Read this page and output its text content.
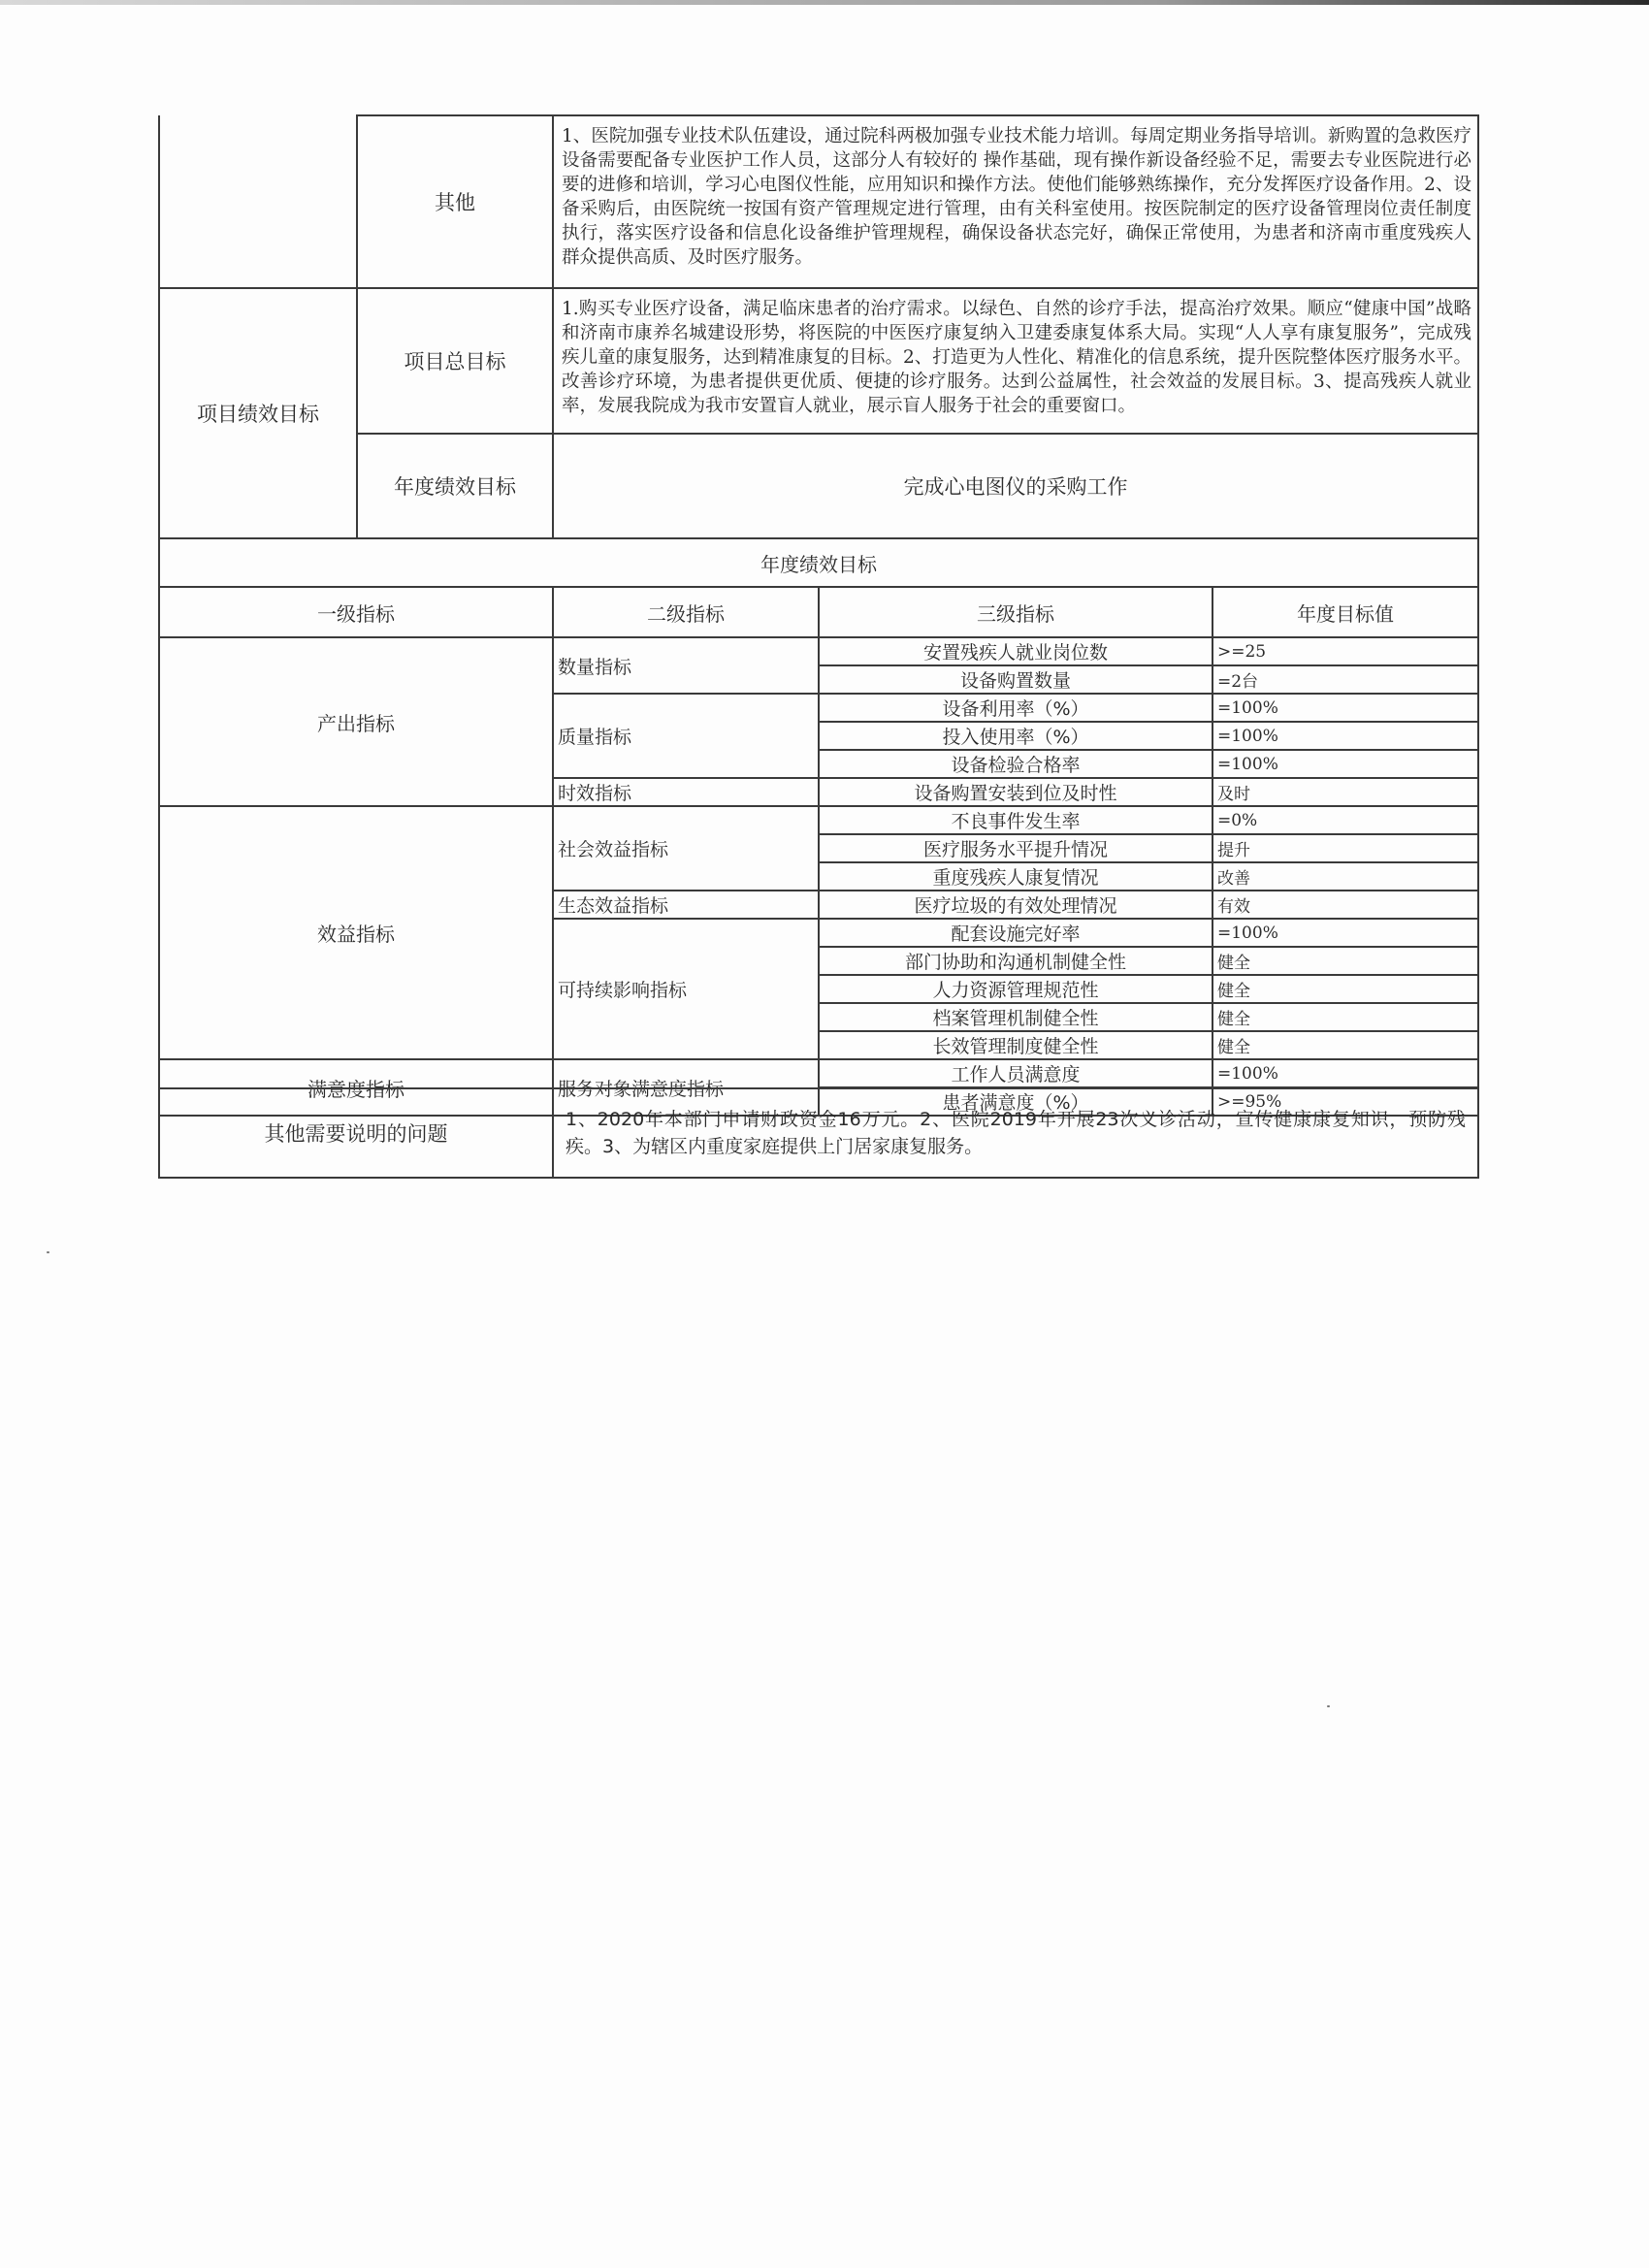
	其他	1、医院加强专业技术队伍建设，通过院科两极加强专业技术能力培训。每周定期业务指导培训。新购置的急救医疗设备需要配备专业医护工作人员，这部分人有较好的 操作基础，现有操作新设备经验不足，需要去专业医院进行必要的进修和培训，学习心电图仪性能，应用知识和操作方法。使他们能够熟练操作，充分发挥医疗设备作用。2、设备采购后，由医院统一按国有资产管理规定进行管理，由有关科室使用。按医院制定的医疗设备管理岗位责任制度执行，落实医疗设备和信息化设备维护管理规程，确保设备状态完好，确保正常使用，为患者和济南市重度残疾人群众提供高质、及时医疗服务。
项目绩效目标	项目总目标	1.购买专业医疗设备，满足临床患者的治疗需求。以绿色、自然的诊疗手法，提高治疗效果。顺应“健康中国”战略和济南市康养名城建设形势，将医院的中医医疗康复纳入卫建委康复体系大局。实现“人人享有康复服务”，完成残疾儿童的康复服务，达到精准康复的目标。2、打造更为人性化、精准化的信息系统，提升医院整体医疗服务水平。改善诊疗环境，为患者提供更优质、便捷的诊疗服务。达到公益属性，社会效益的发展目标。3、提高残疾人就业率，发展我院成为我市安置盲人就业，展示盲人服务于社会的重要窗口。

	年度绩效目标	完成心电图仪的采购工作
年度绩效目标			
一级指标	二级指标	三级指标	年度目标值
产出指标	数量指标	安置残疾人就业岗位数	>=25
		设备购置数量	=2台
	质量指标	设备利用率（%）	=100%
		投入使用率（%）	=100%
		设备检验合格率	=100%
	时效指标	设备购置安装到位及时性	及时
效益指标	社会效益指标	不良事件发生率	=0%
		医疗服务水平提升情况	提升
		重度残疾人康复情况	改善
	生态效益指标	医疗垃圾的有效处理情况	有效
	可持续影响指标	配套设施完好率	=100%
		部门协助和沟通机制健全性	健全
		人力资源管理规范性	健全
		档案管理机制健全性	健全
		长效管理制度健全性	健全
满意度指标	服务对象满意度指标	工作人员满意度	=100%
		患者满意度（%）	>=95%
其他需要说明的问题	1、2020年本部门申请财政资金16万元。2、医院2019年开展23次义诊活动，宣传健康康复知识，预防残疾。3、为辖区内重度家庭提供上门居家康复服务。
